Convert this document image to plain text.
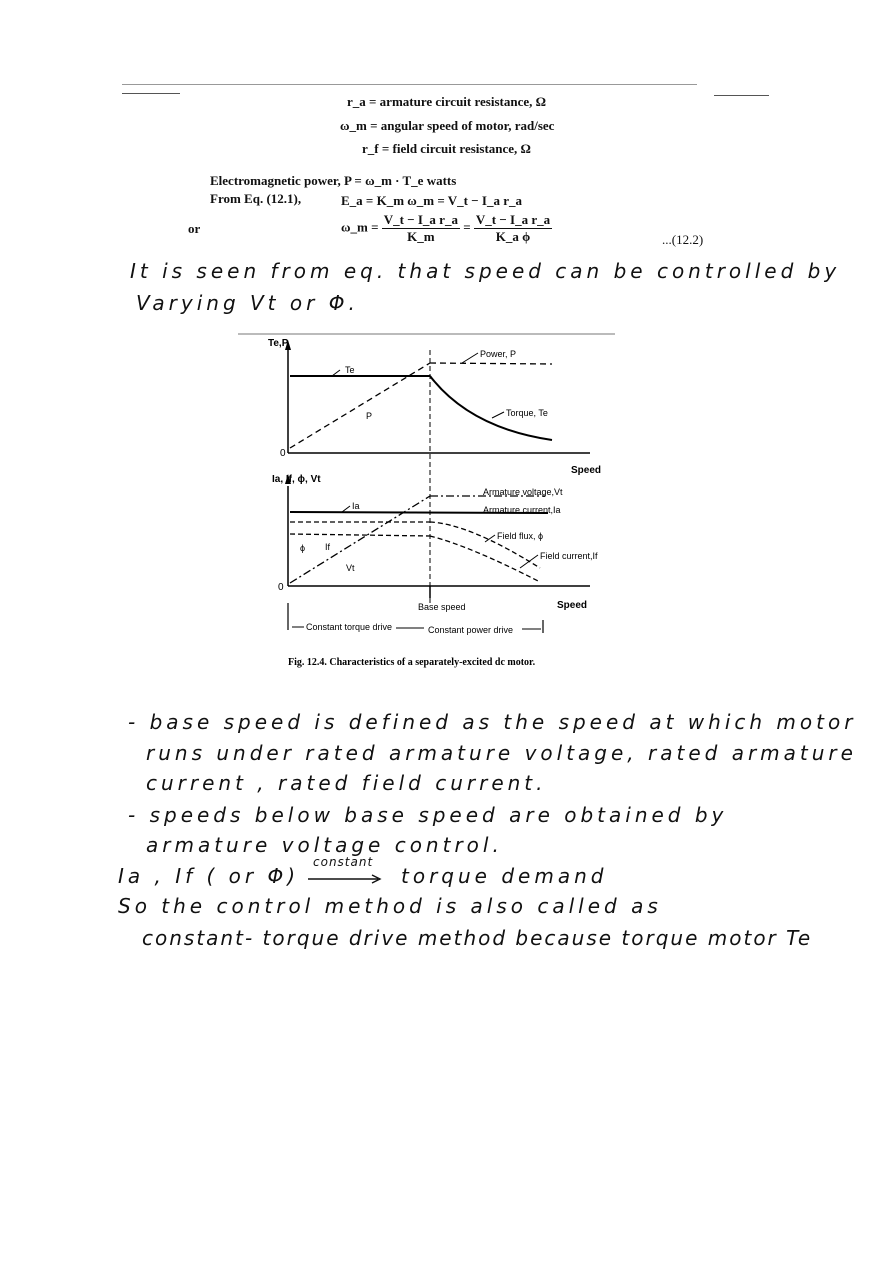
r_a = armature circuit resistance, Ω
ω_m = angular speed of motor, rad/sec
r_f = field circuit resistance, Ω
Electromagnetic power, P = ω_m · T_e watts
From Eq. (12.1),	E_a = K_m ω_m = V_t − I_a r_a
or	ω_m = $\frac{\text{V\_t − I\_a r\_a}}{K\_m} = \frac{\text{V\_t − I\_a r\_a}}{\text{K\_a ϕ}}$	...(12.2)
It is seen from eq. that speed can be controlled by
Varying Vt or Φ.
Te,P
0
Speed
Te
P
Power, P
Torque, Te
Ia, If, ϕ, Vt
0
Speed
Ia
ϕ If
Vt
Armature voltage,Vt
Armature current,Ia
Field flux, ϕ
Field current,If
Base speed
Constant torque drive	Constant power drive
Fig. 12.4. Characteristics of a separately-excited dc motor.
- base speed is defined as the speed at which motor
runs under rated armature voltage, rated armature
current , rated field current.
- speeds below base speed are obtained by
armature voltage control.
Ia , If ( or Φ)
constant
torque demand
So the control method is also called as
constant- torque drive method because torque motor Te
